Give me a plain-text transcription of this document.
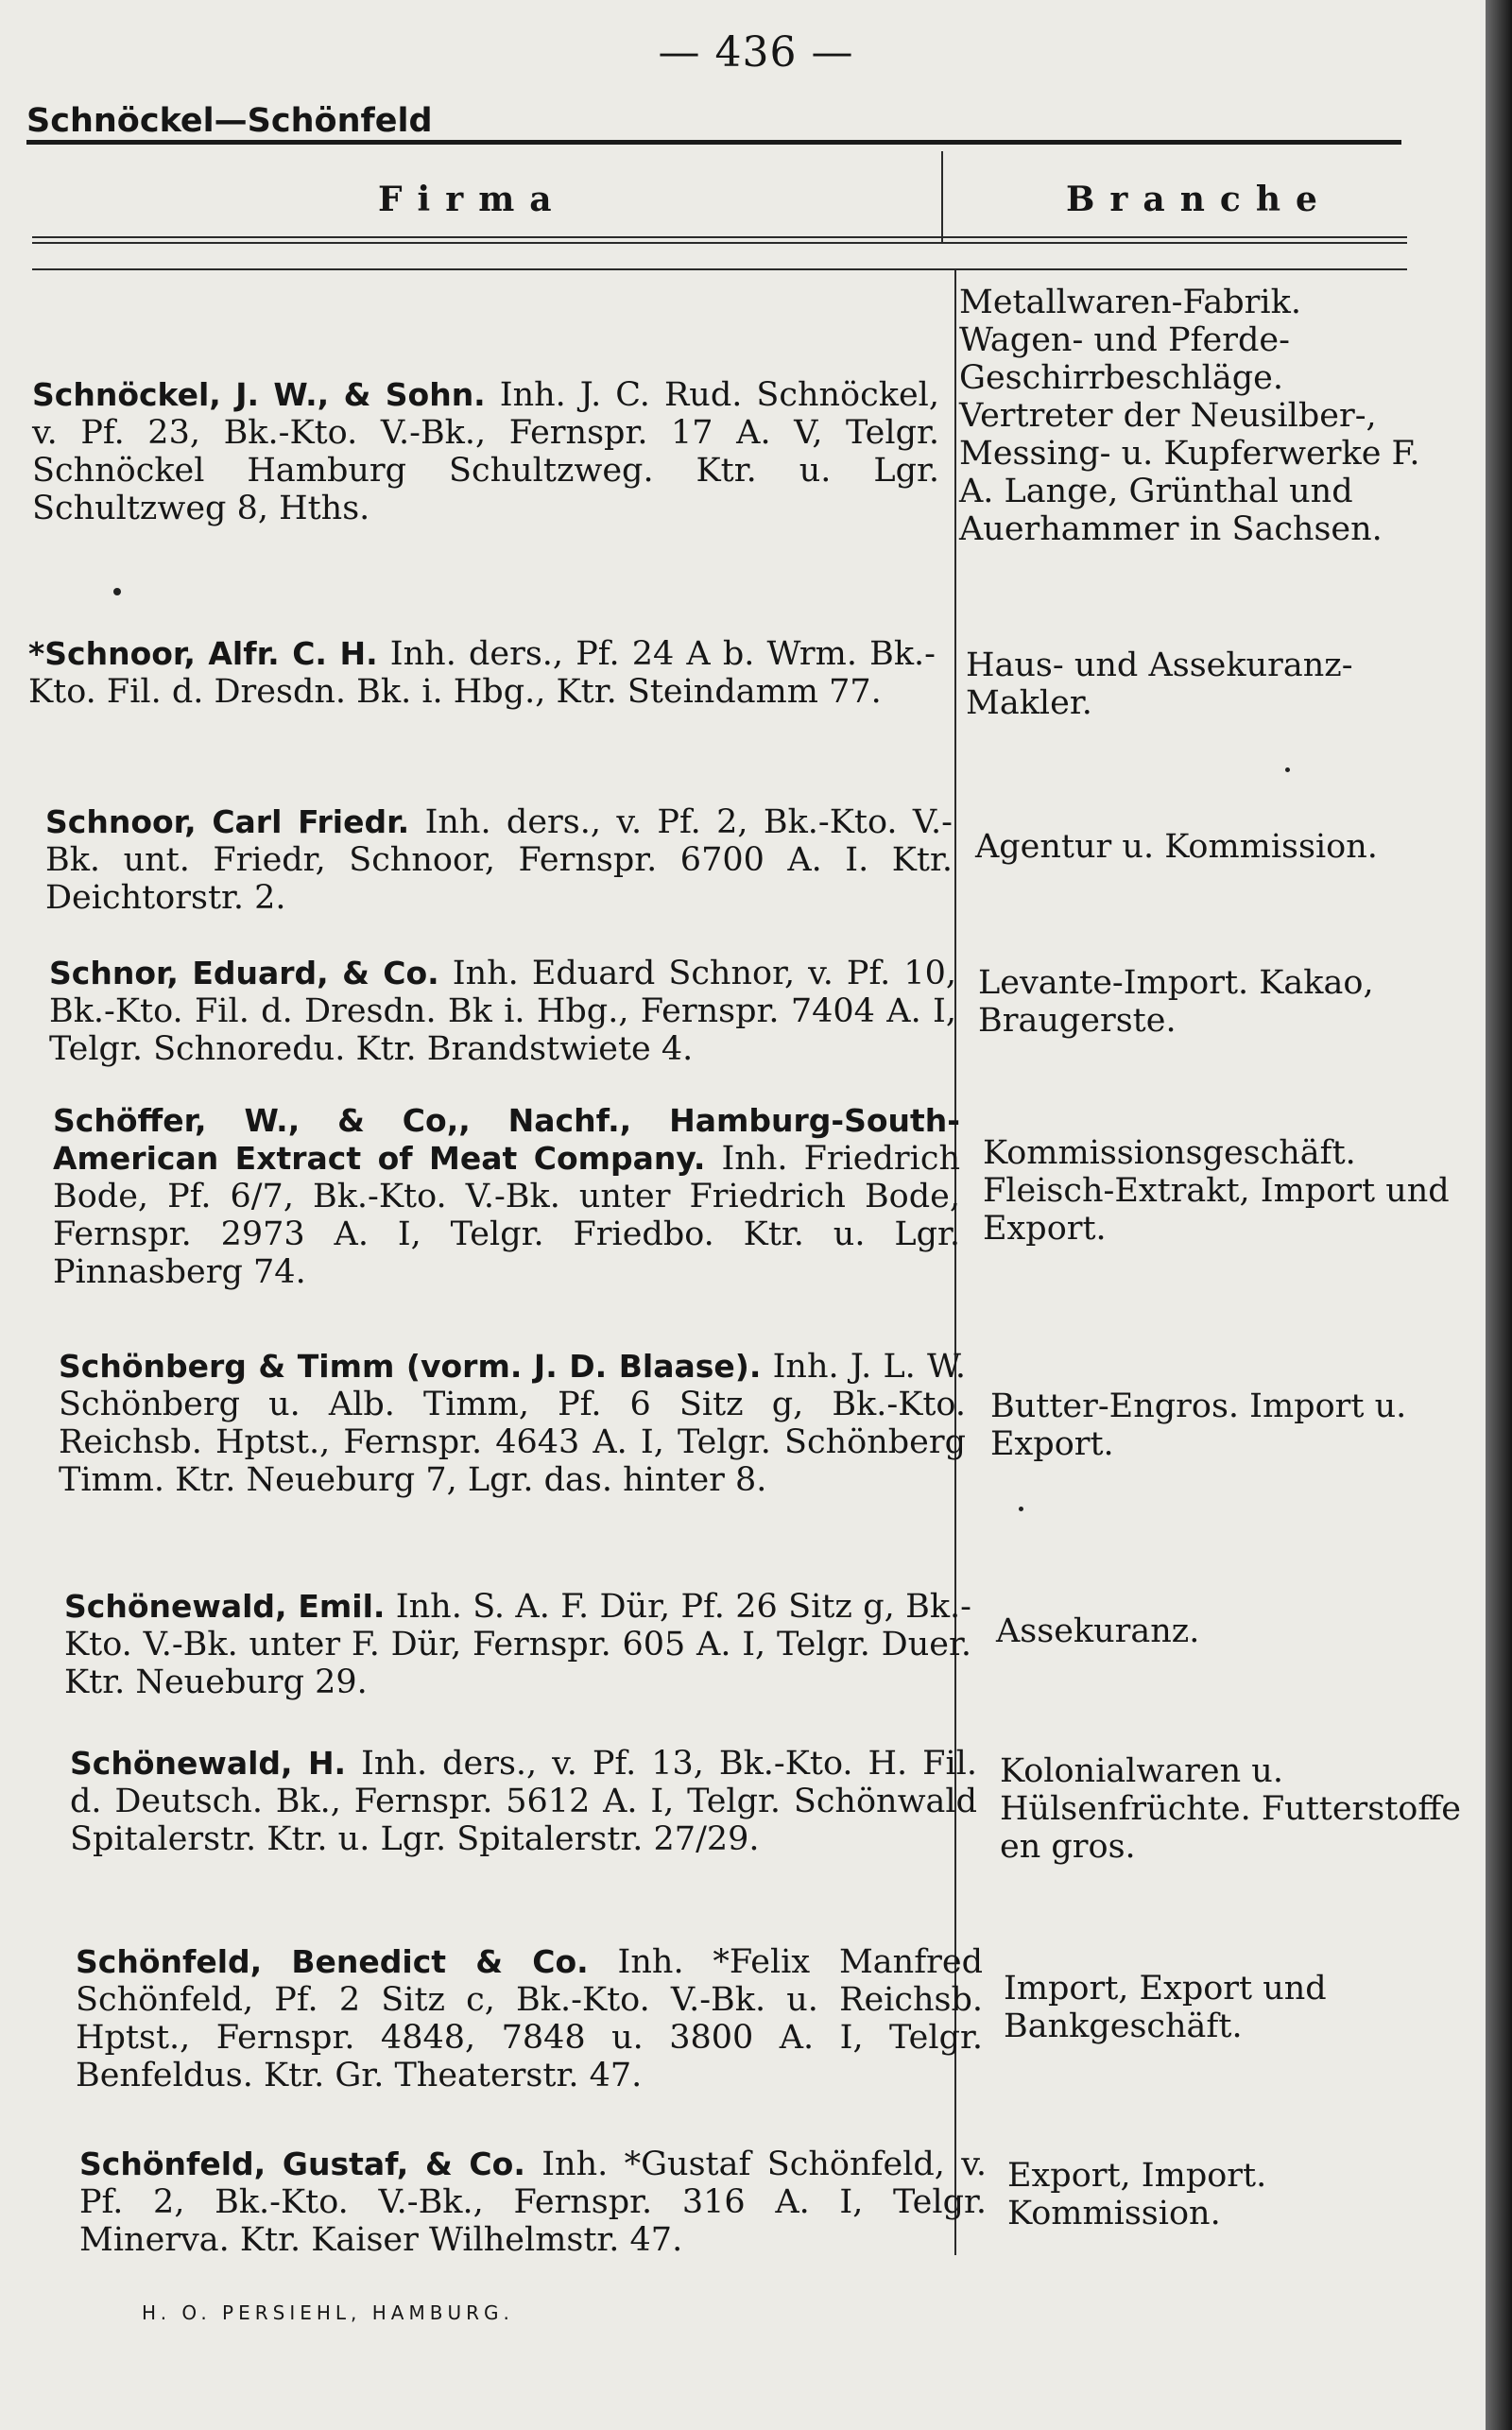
— 436 —
Schnöckel—Schönfeld
Firma	Branche
Schnöckel, J. W., & Sohn. Inh. J. C. Rud. Schnöckel, v. Pf. 23, Bk.-Kto. V.-Bk., Fernspr. 17 A. V, Telgr. Schnöckel Hamburg Schultzweg. Ktr. u. Lgr. Schultzweg 8, Hths.
Metallwaren-Fabrik. Wagen- und Pferde-Geschirrbeschläge. Vertreter der Neusilber-, Messing- u. Kupferwerke F. A. Lange, Grünthal und Auerhammer in Sachsen.
*Schnoor, Alfr. C. H. Inh. ders., Pf. 24 A b. Wrm. Bk.-Kto. Fil. d. Dresdn. Bk. i. Hbg., Ktr. Steindamm 77.
Haus- und Assekuranz-Makler.
Schnoor, Carl Friedr. Inh. ders., v. Pf. 2, Bk.-Kto. V.-Bk. unt. Friedr, Schnoor, Fernspr. 6700 A. I. Ktr. Deichtorstr. 2.
Agentur u. Kommission.
Schnor, Eduard, & Co. Inh. Eduard Schnor, v. Pf. 10, Bk.-Kto. Fil. d. Dresdn. Bk i. Hbg., Fernspr. 7404 A. I, Telgr. Schnoredu. Ktr. Brandstwiete 4.
Levante-Import. Kakao, Braugerste.
Schöffer, W., & Co,, Nachf., Hamburg-South-American Extract of Meat Company. Inh. Friedrich Bode, Pf. 6/7, Bk.-Kto. V.-Bk. unter Friedrich Bode, Fernspr. 2973 A. I, Telgr. Friedbo. Ktr. u. Lgr. Pinnasberg 74.
Kommissionsgeschäft. Fleisch-Extrakt, Import und Export.
Schönberg & Timm (vorm. J. D. Blaase). Inh. J. L. W. Schönberg u. Alb. Timm, Pf. 6 Sitz g, Bk.-Kto. Reichsb. Hptst., Fernspr. 4643 A. I, Telgr. Schönberg Timm. Ktr. Neueburg 7, Lgr. das. hinter 8.
Butter-Engros. Import u. Export.
Schönewald, Emil. Inh. S. A. F. Dür, Pf. 26 Sitz g, Bk.-Kto. V.-Bk. unter F. Dür, Fernspr. 605 A. I, Telgr. Duer. Ktr. Neueburg 29.
Assekuranz.
Schönewald, H. Inh. ders., v. Pf. 13, Bk.-Kto. H. Fil. d. Deutsch. Bk., Fernspr. 5612 A. I, Telgr. Schönwald Spitalerstr. Ktr. u. Lgr. Spitalerstr. 27/29.
Kolonialwaren u. Hülsenfrüchte. Futterstoffe en gros.
Schönfeld, Benedict & Co. Inh. *Felix Manfred Schönfeld, Pf. 2 Sitz c, Bk.-Kto. V.-Bk. u. Reichsb. Hptst., Fernspr. 4848, 7848 u. 3800 A. I, Telgr. Benfeldus. Ktr. Gr. Theaterstr. 47.
Import, Export und Bankgeschäft.
Schönfeld, Gustaf, & Co. Inh. *Gustaf Schönfeld, v. Pf. 2, Bk.-Kto. V.-Bk., Fernspr. 316 A. I, Telgr. Minerva. Ktr. Kaiser Wilhelmstr. 47.
Export, Import. Kommission.
H. O. PERSIEHL, HAMBURG.
